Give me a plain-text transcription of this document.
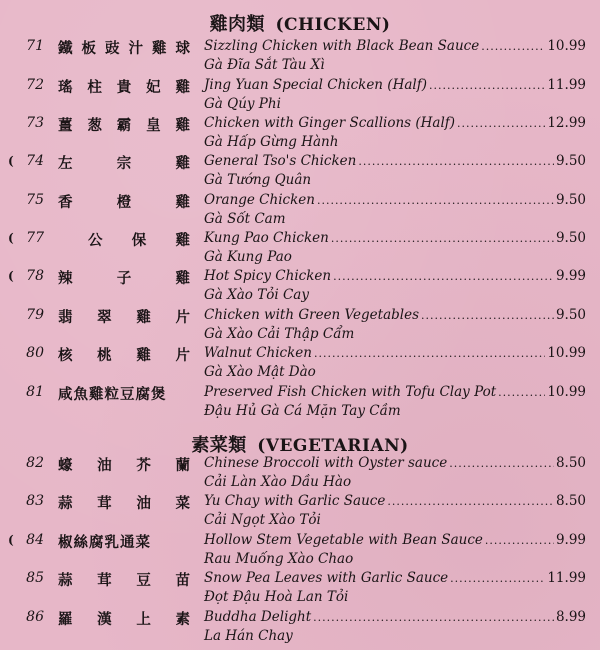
雞肉類 (CHICKEN)
素菜類 (VEGETARIAN)
71 鐵 板 豉 汁 雞 球 Sizzling Chicken with Black Bean Sauce .....	10.99
Gà Đĩa Sắt Tàu Xì
72 瑤 柱 貴 妃 雞 Jing Yuan Special Chicken (Half) .....	11.99
Gà Qúy Phi
73 薑 葱 霸 皇 雞 Chicken with Ginger Scallions (Half) .....	12.99
Gà Hấp Gừng Hành
( 74 左	宗	雞 General Tso's Chicken .....	9.50
Gà Tướng Quân
75 香	橙	雞 Orange Chicken .....	9.50
Gà Sốt Cam
( 77	公 保 雞 Kung Pao Chicken .....	9.50
Gà Kung Pao
( 78 辣	子	雞 Hot Spicy Chicken .....	9.99
Gà Xào Tỏi Cay
79 翡 翠 雞 片 Chicken with Green Vegetables .....	9.50
Gà Xào Cải Thập Cẩm
80 核 桃 雞 片 Walnut Chicken .....	10.99
Gà Xào Mật Dào
81 咸魚雞粒豆腐煲	Preserved Fish Chicken with Tofu Clay Pot .....	10.99
Đậu Hủ Gà Cá Mặn Tay Cầm
82 蠔 油 芥 蘭 Chinese Broccoli with Oyster sauce .....	8.50
Cải Làn Xào Dầu Hào
83 蒜 茸 油 菜 Yu Chay with Garlic Sauce .....	8.50
Cải Ngọt Xào Tỏi
( 84 椒絲腐乳通菜	Hollow Stem Vegetable with Bean Sauce .....	9.99
Rau Muống Xào Chao
85 蒜 茸 豆 苗 Snow Pea Leaves with Garlic Sauce .....	11.99
Đọt Đậu Hoà Lan Tỏi
86 羅 漢 上 素 Buddha Delight .....	8.99
La Hán Chay
